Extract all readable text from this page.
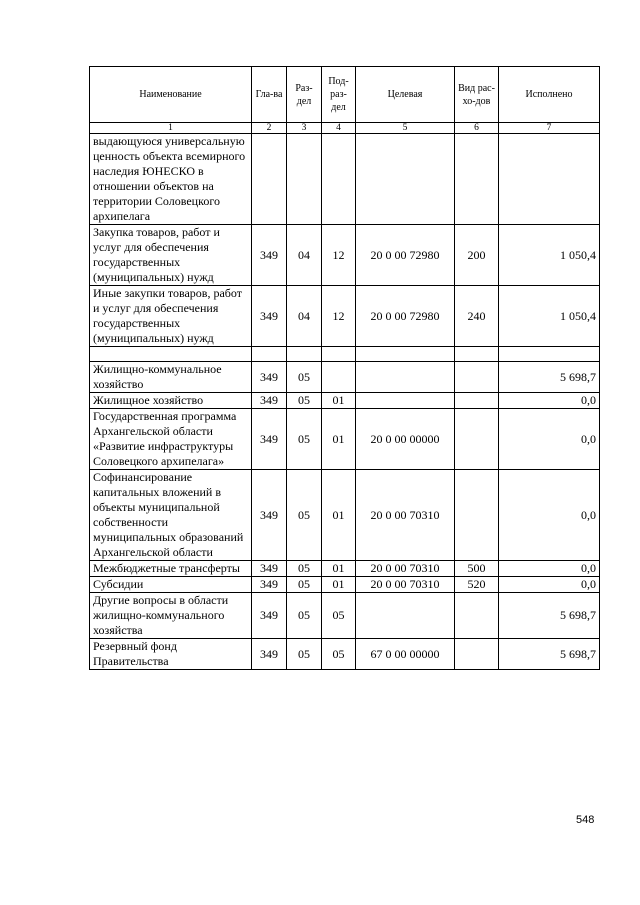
Наименование	Гла-ва	Раз-дел	Под-раз-дел	Целевая	Вид рас-хо-дов	Исполнено
1	2	3	4	5	6	7
выдающуюся универсальную ценность объекта всемирного наследия ЮНЕСКО в отношении объектов на территории Соловецкого архипелага						
Закупка товаров, работ и услуг для обеспечения государственных (муниципальных) нужд	349	04	12	20 0 00 72980	200	1 050,4
Иные закупки товаров, работ и услуг для обеспечения государственных (муниципальных) нужд	349	04	12	20 0 00 72980	240	1 050,4

Жилищно-коммунальное хозяйство	349	05				5 698,7
Жилищное хозяйство	349	05	01			0,0
Государственная программа Архангельской области «Развитие инфраструктуры Соловецкого архипелага»	349	05	01	20 0 00 00000		0,0
Софинансирование капитальных вложений в объекты муниципальной собственности муниципальных образований Архангельской области	349	05	01	20 0 00 70310		0,0
Межбюджетные трансферты	349	05	01	20 0 00 70310	500	0,0
Субсидии	349	05	01	20 0 00 70310	520	0,0
Другие вопросы в области жилищно-коммунального хозяйства	349	05	05			5 698,7
Резервный фонд Правительства	349	05	05	67 0 00 00000		5 698,7
548
